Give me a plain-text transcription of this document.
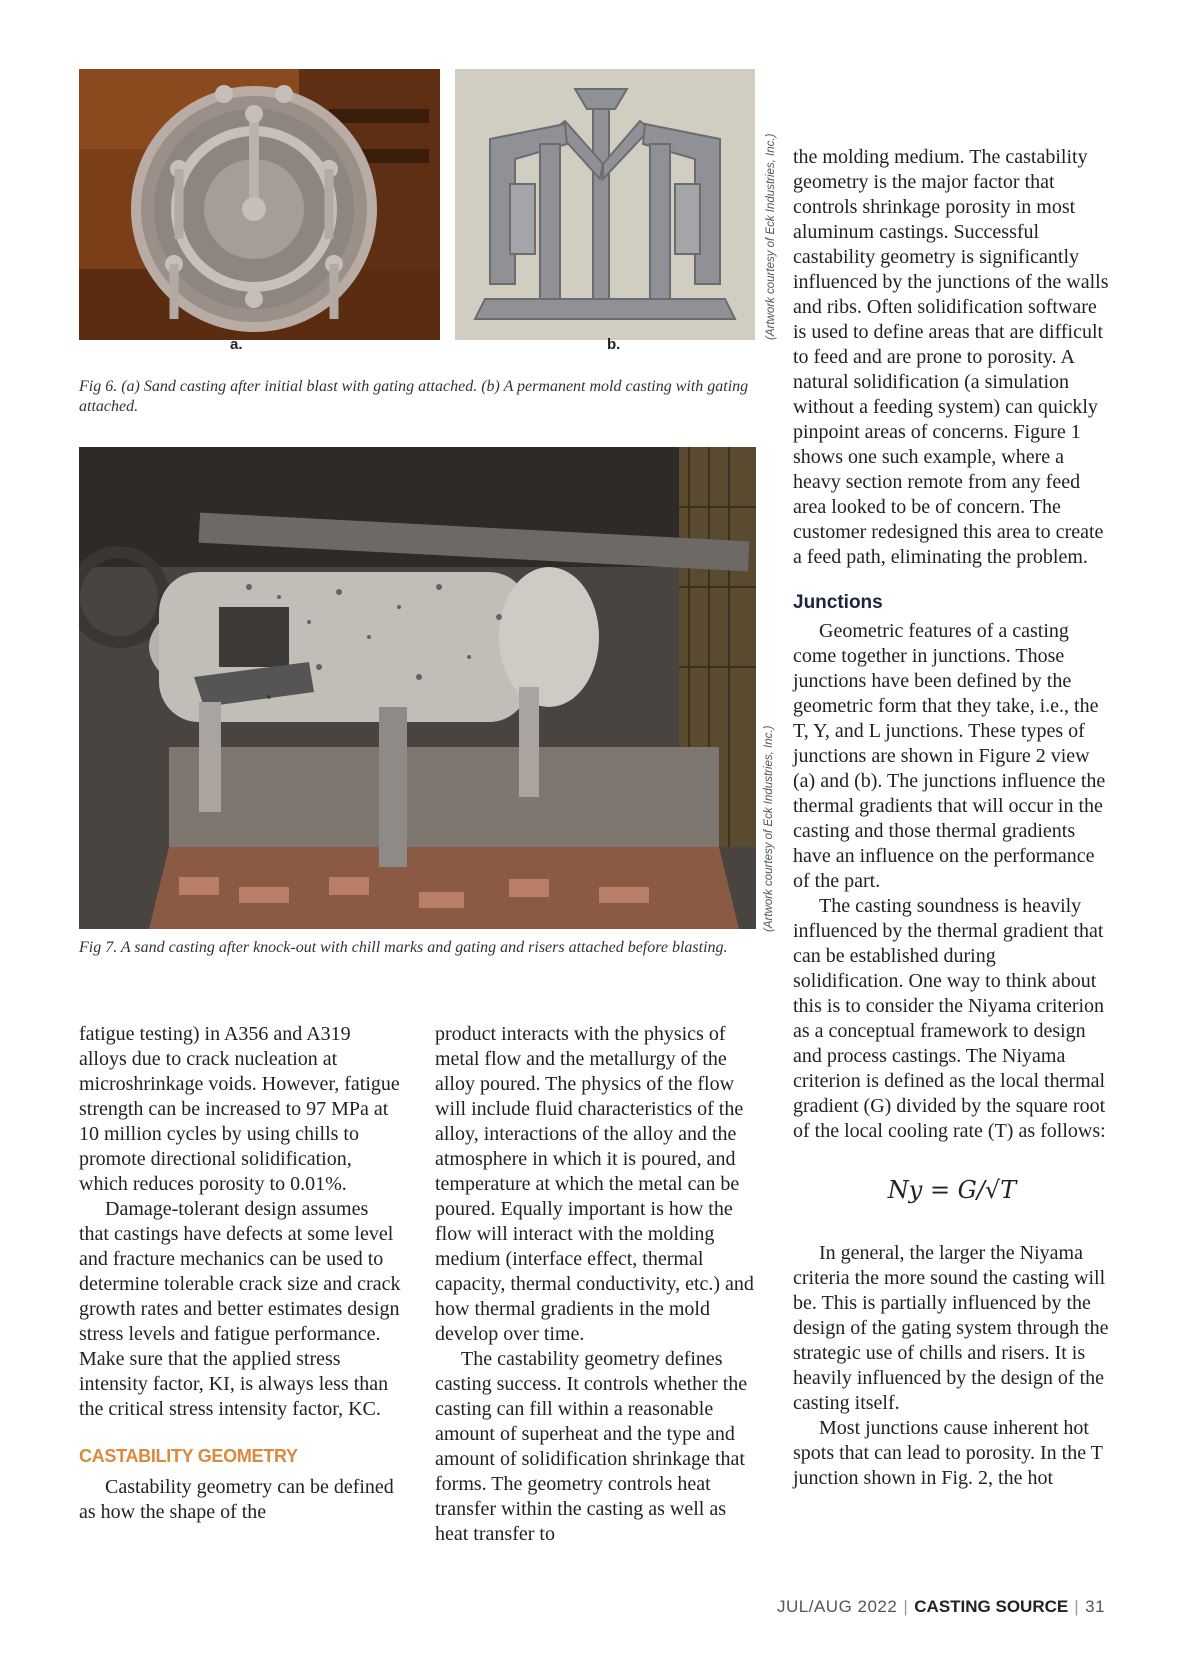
a.	b.
(Artwork courtesy of Eck Industries, Inc.)
Fig 6. (a) Sand casting after initial blast with gating attached. (b) A permanent mold casting with gating attached.
(Artwork courtesy of Eck Industries, Inc.)
Fig 7. A sand casting after knock-out with chill marks and gating and risers attached before blasting.

fatigue testing) in A356 and A319 alloys due to crack nucleation at microshrinkage voids. However, fatigue strength can be increased to 97 MPa at 10 million cycles by using chills to promote directional solidification, which reduces porosity to 0.01%.

Damage-tolerant design assumes that castings have defects at some level and fracture mechanics can be used to determine tolerable crack size and crack growth rates and better estimates design stress levels and fatigue performance. Make sure that the applied stress intensity factor, KI, is always less than the critical stress intensity factor, KC.

CASTABILITY GEOMETRY

Castability geometry can be defined as how the shape of the

product interacts with the physics of metal flow and the metallurgy of the alloy poured. The physics of the flow will include fluid characteristics of the alloy, interactions of the alloy and the atmosphere in which it is poured, and temperature at which the metal can be poured. Equally important is how the flow will interact with the molding medium (interface effect, thermal capacity, thermal conductivity, etc.) and how thermal gradients in the mold develop over time.

The castability geometry defines casting success. It controls whether the casting can fill within a reasonable amount of superheat and the type and amount of solidification shrinkage that forms. The geometry controls heat transfer within the casting as well as heat transfer to

the molding medium. The castability geometry is the major factor that controls shrinkage porosity in most aluminum castings. Successful castability geometry is significantly influenced by the junctions of the walls and ribs. Often solidification software is used to define areas that are difficult to feed and are prone to porosity. A natural solidification (a simulation without a feeding system) can quickly pinpoint areas of concerns. Figure 1 shows one such example, where a heavy section remote from any feed area looked to be of concern. The customer redesigned this area to create a feed path, eliminating the problem.

Junctions

Geometric features of a casting come together in junctions. Those junctions have been defined by the geometric form that they take, i.e., the T, Y, and L junctions. These types of junctions are shown in Figure 2 view (a) and (b). The junctions influence the thermal gradients that will occur in the casting and those thermal gradients have an influence on the performance of the part.

The casting soundness is heavily influenced by the thermal gradient that can be established during solidification. One way to think about this is to consider the Niyama criterion as a conceptual framework to design and process castings. The Niyama criterion is defined as the local thermal gradient (G) divided by the square root of the local cooling rate (T) as follows:

Ny = G/√T

In general, the larger the Niyama criteria the more sound the casting will be. This is partially influenced by the design of the gating system through the strategic use of chills and risers. It is heavily influenced by the design of the casting itself.

Most junctions cause inherent hot spots that can lead to porosity. In the T junction shown in Fig. 2, the hot

JUL/AUG 2022 | CASTING SOURCE | 31
